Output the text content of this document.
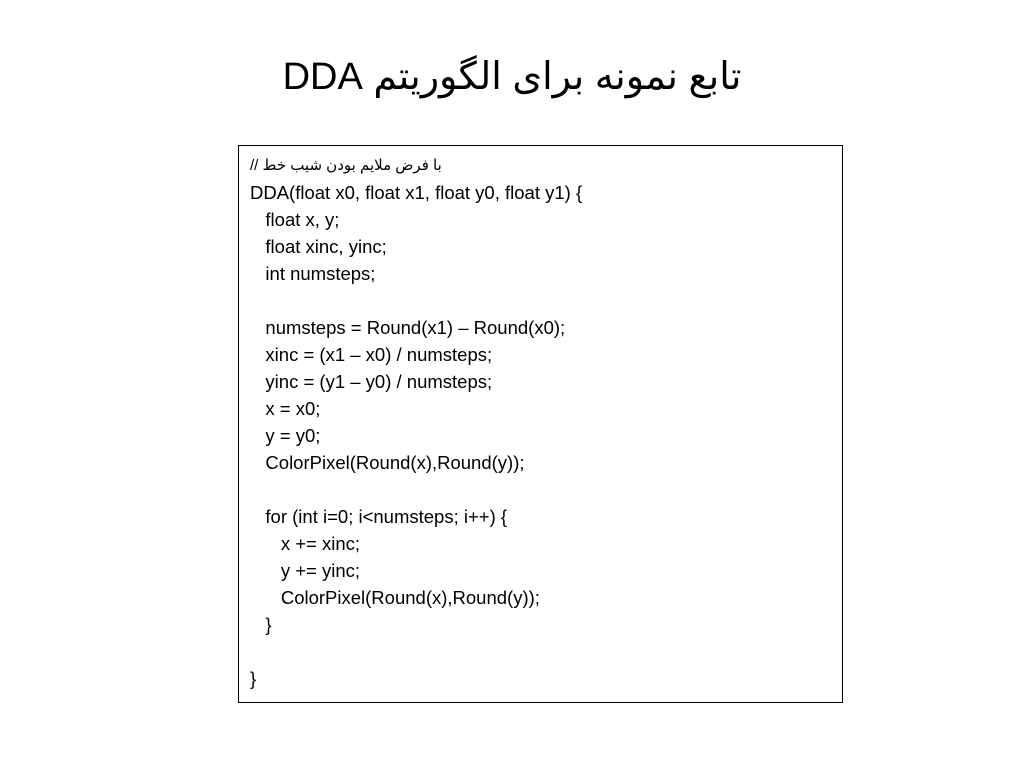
تابع نمونه برای الگوریتم DDA
// با فرض ملایم بودن شیب خط
DDA(float x0, float x1, float y0, float y1) {
float x, y;
float xinc, yinc;
int numsteps;
numsteps = Round(x1) – Round(x0);
xinc = (x1 – x0) / numsteps;
yinc = (y1 – y0) / numsteps;
x = x0;
y = y0;
ColorPixel(Round(x),Round(y));
for (int i=0; i<numsteps; i++) {
x += xinc;
y += yinc;
ColorPixel(Round(x),Round(y));
}
}
